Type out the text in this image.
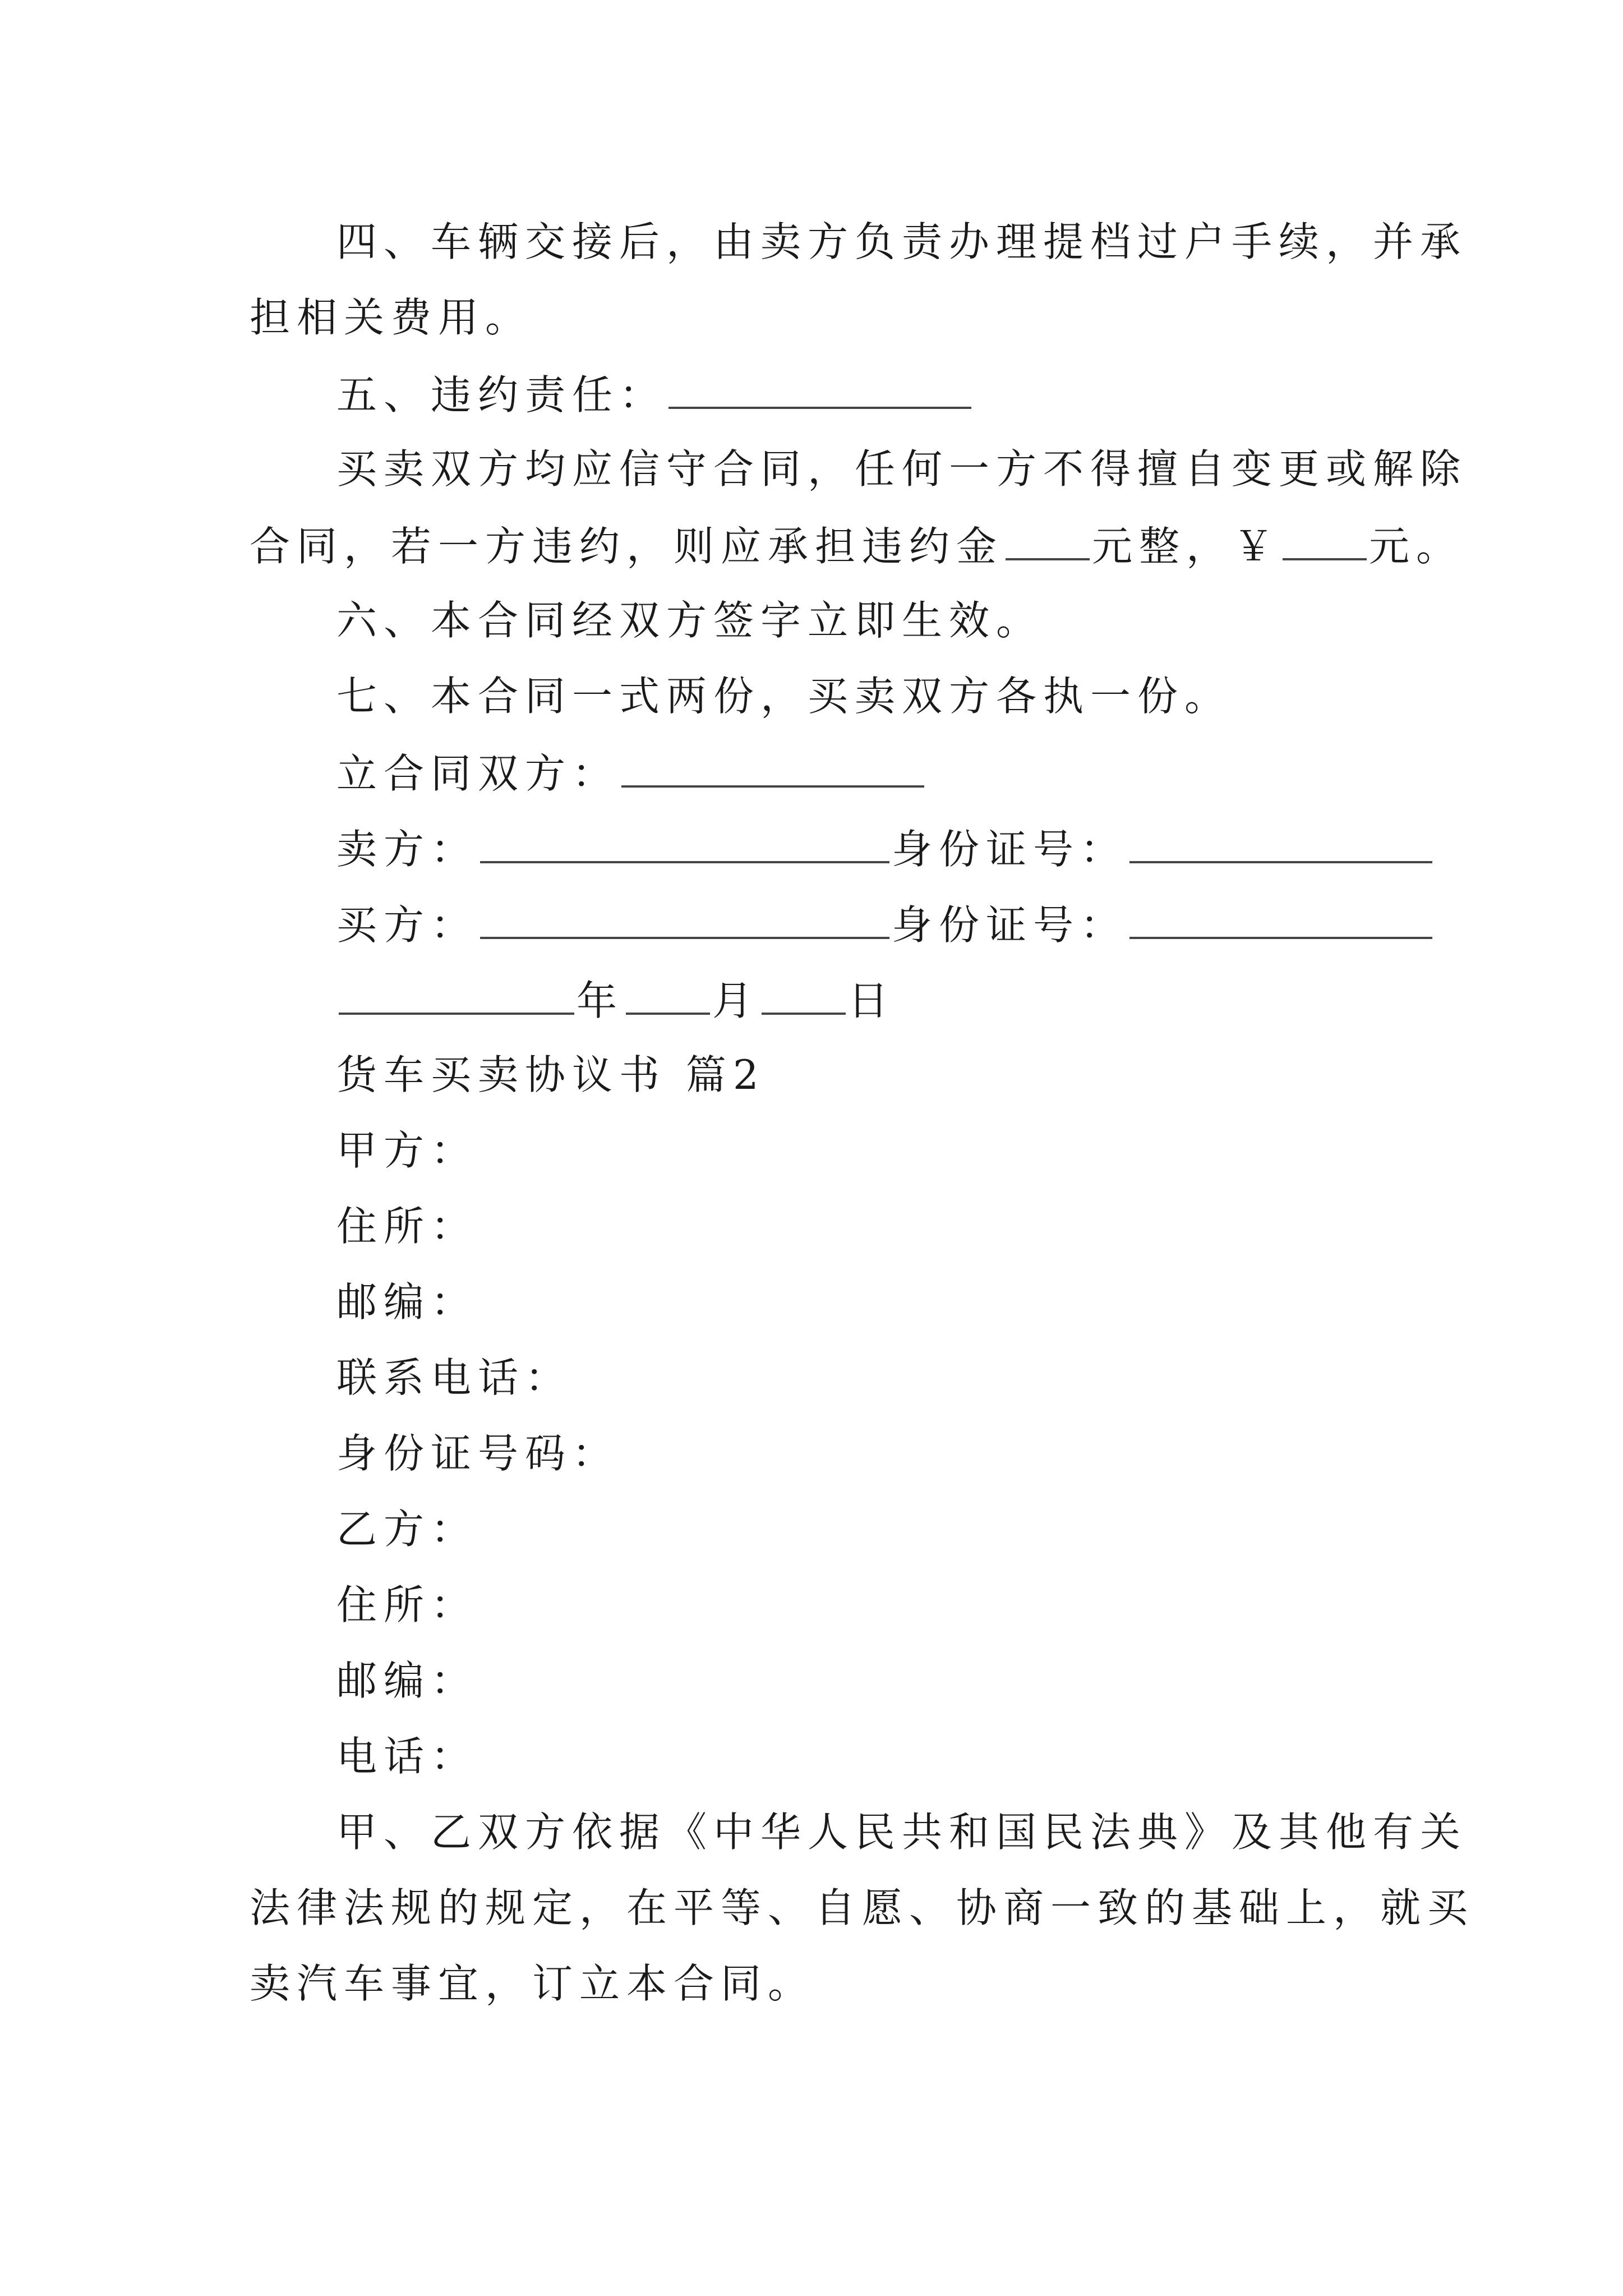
四、车辆交接后，由卖方负责办理提档过户手续，并承
担相关费用。
五、违约责任：
买卖双方均应信守合同，任何一方不得擅自变更或解除
合同，若一方违约，则应承担违约金 元整，￥ 元。
六、本合同经双方签字立即生效。
七、本合同一式两份，买卖双方各执一份。
立合同双方：
卖方：	身份证号：
买方：	身份证号：
年 月 日
货车买卖协议书 篇2
甲方：
住所：
邮编：
联系电话：
身份证号码：
乙方：
住所：
邮编：
电话：
甲、乙双方依据《中华人民共和国民法典》及其他有关
法律法规的规定，在平等、自愿、协商一致的基础上，就买
卖汽车事宜，订立本合同。
